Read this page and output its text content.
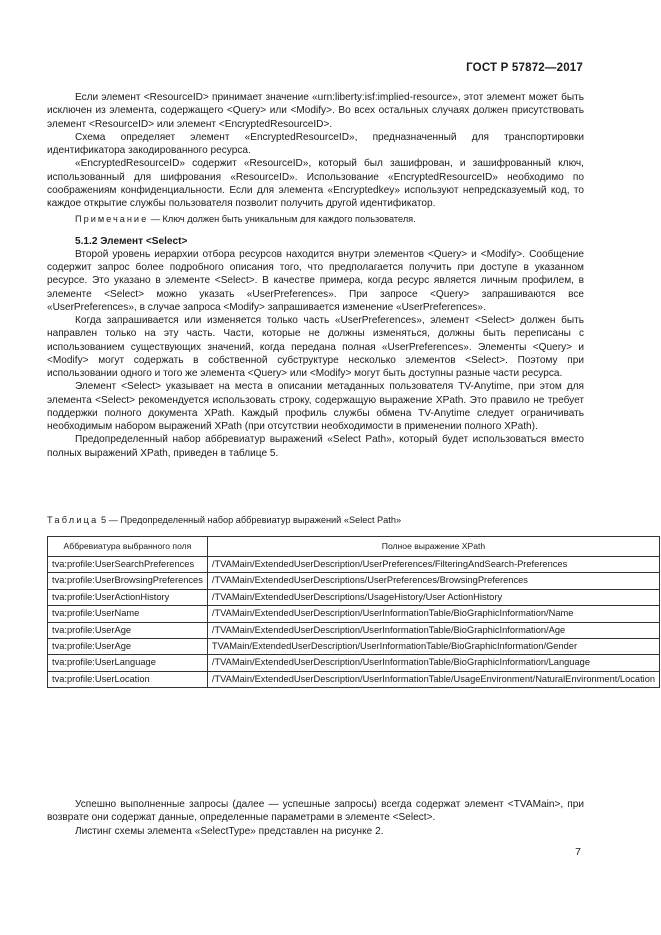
ГОСТ Р 57872—2017

Если элемент <ResourceID> принимает значение «urn:liberty:isf:implied-resource», этот элемент может быть исключен из элемента, содержащего <Query> или <Modify>. Во всех остальных случаях должен присутствовать элемент <ResourceID> или элемент <EncryptedResourceID>.

Схема определяет элемент «EncryptedResourceID», предназначенный для транспортировки идентификатора закодированного ресурса.

«EncryptedResourceID» содержит «ResourceID», который был зашифрован, и зашифрованный ключ, использованный для шифрования «ResourceID». Использование «EncryptedResourceID» необходимо по соображениям конфиденциальности. Если для элемента «Encryptedkey» используют непредсказуемый код, то каждое открытие службы пользователя позволит получить другой идентификатор.

Примечание — Ключ должен быть уникальным для каждого пользователя.

5.1.2 Элемент <Select>

Второй уровень иерархии отбора ресурсов находится внутри элементов <Query> и <Modify>. Сообщение содержит запрос более подробного описания того, что предполагается получить при доступе в указанном ресурсе. Это указано в элементе <Select>. В качестве примера, когда ресурс является личным профилем, в элементе <Select> можно указать «UserPreferences». При запросе <Query> запрашиваются все «UserPreferences», в случае запроса <Modify> запрашивается изменение «UserPreferences».

Когда запрашивается или изменяется только часть «UserPreferences», элемент <Select> должен быть направлен только на эту часть. Части, которые не должны изменяться, должны быть переписаны с использованием существующих значений, когда передана полная «UserPreferences». Элементы <Query> и <Modify> могут содержать в собственной субструктуре несколько элементов <Select>. Поэтому при использовании одного и того же элемента <Query> или <Modify> могут быть доступны разные части ресурса.

Элемент <Select> указывает на места в описании метаданных пользователя TV-Anytime, при этом для элемента <Select> рекомендуется использовать строку, содержащую выражение XPath. Это правило не требует поддержки полного документа XPath. Каждый профиль службы обмена TV-Anytime следует ограничивать необходимым набором выражений XPath (при отсутствии необходимости в применении полного XPath).

Предопределенный набор аббревиатур выражений «Select Path», который будет использоваться вместо полных выражений XPath, приведен в таблице 5.

Таблица 5 — Предопределенный набор аббревиатур выражений «Select Path»
Аббревиатура выбранного поля	Полное выражение XPath
tva:profile:UserSearchPreferences	/TVAMain/ExtendedUserDescription/UserPreferences/FilteringAndSearch-Preferences
tva:profile:UserBrowsingPreferences	/TVAMain/ExtendedUserDescriptions/UserPreferences/BrowsingPreferences
tva:profile:UserActionHistory	/TVAMain/ExtendedUserDescriptions/UsageHistory/User ActionHistory
tva:profile:UserName	/TVAMain/ExtendedUserDescription/UserInformationTable/BioGraphicInformation/Name
tva:profile:UserAge	/TVAMain/ExtendedUserDescription/UserInformationTable/BioGraphicInformation/Age
tva:profile:UserAge	TVAMain/ExtendedUserDescription/UserInformationTable/BioGraphicInformation/Gender
tva:profile:UserLanguage	/TVAMain/ExtendedUserDescription/UserInformationTable/BioGraphicInformation/Language
tva:profile:UserLocation	/TVAMain/ExtendedUserDescription/UserInformationTable/UsageEnvironment/NaturalEnvironment/Location

Успешно выполненные запросы (далее — успешные запросы) всегда содержат элемент <TVAMain>, при возврате они содержат данные, определенные параметрами в элементе <Select>.

Листинг схемы элемента «SelectType» представлен на рисунке 2.

7
